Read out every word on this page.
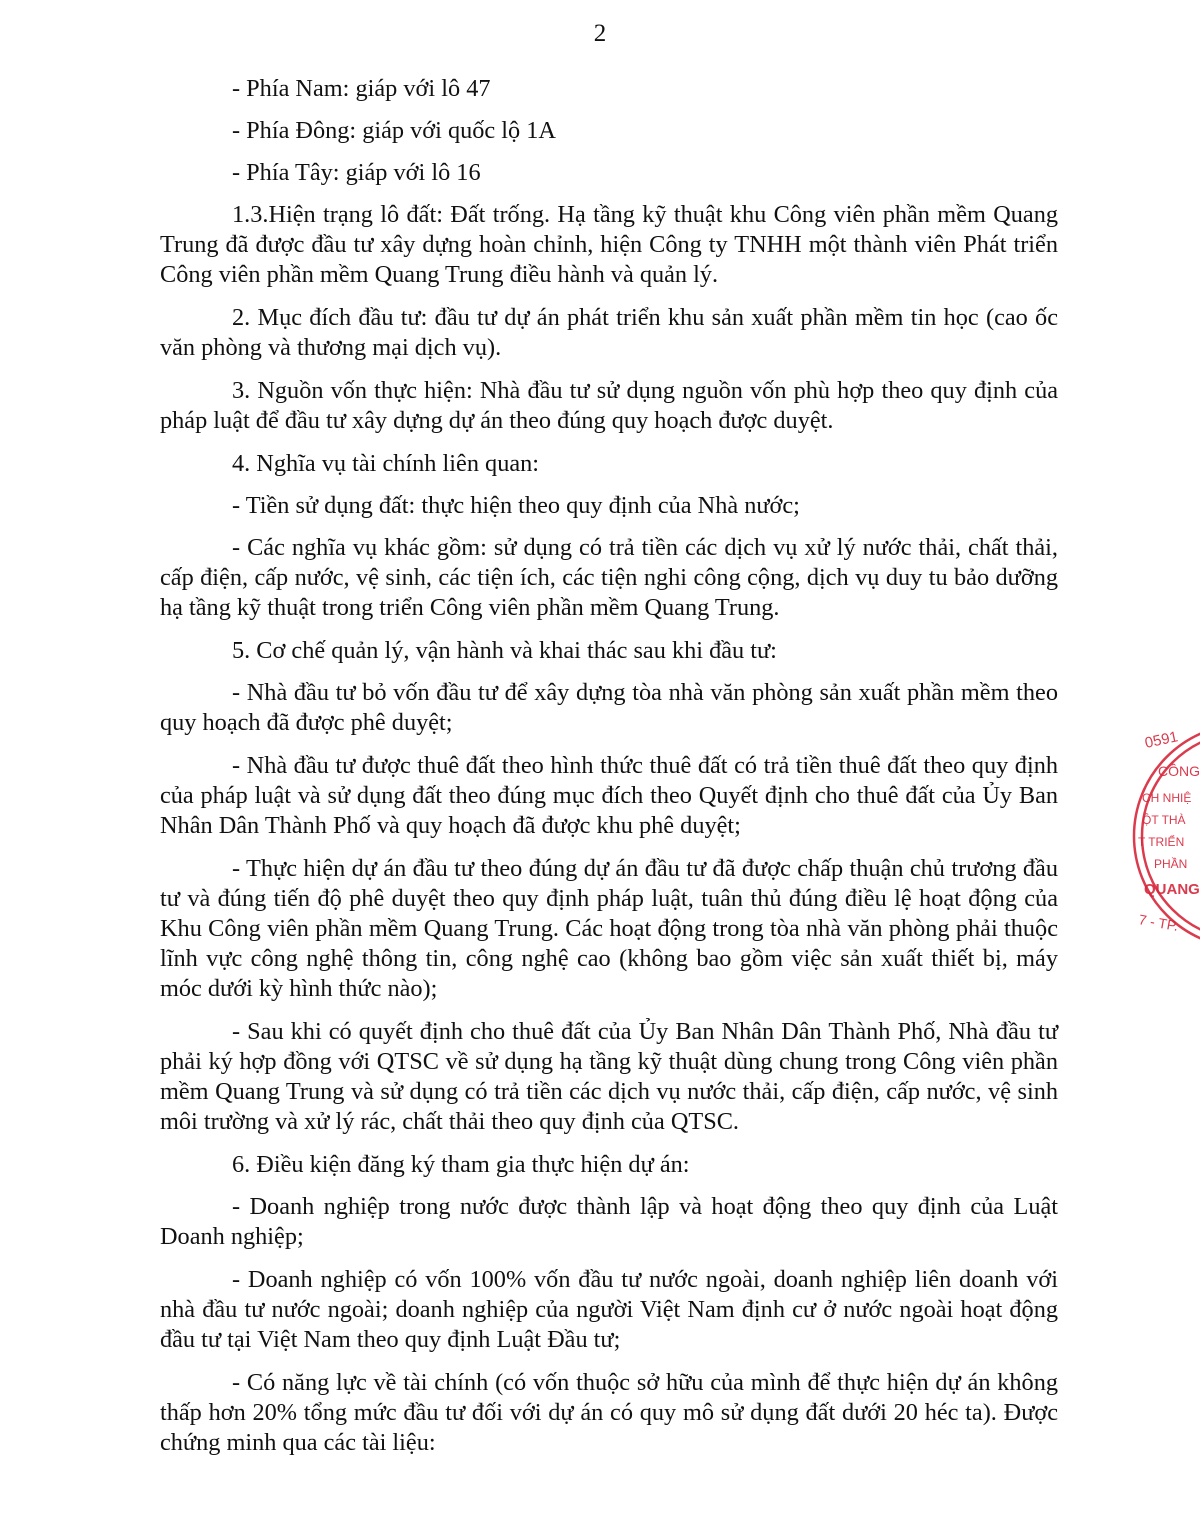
2

- Phía Nam: giáp với lô 47

- Phía Đông: giáp với quốc lộ 1A

- Phía Tây: giáp với lô 16

1.3.Hiện trạng lô đất: Đất trống. Hạ tầng kỹ thuật khu Công viên phần mềm Quang Trung đã được đầu tư xây dựng hoàn chỉnh, hiện Công ty TNHH một thành viên Phát triển Công viên phần mềm Quang Trung điều hành và quản lý.

2. Mục đích đầu tư: đầu tư dự án phát triển khu sản xuất phần mềm tin học (cao ốc văn phòng và thương mại dịch vụ).

3. Nguồn vốn thực hiện: Nhà đầu tư sử dụng nguồn vốn phù hợp theo quy định của pháp luật để đầu tư xây dựng dự án theo đúng quy hoạch được duyệt.

4. Nghĩa vụ tài chính liên quan:

- Tiền sử dụng đất: thực hiện theo quy định của Nhà nước;

- Các nghĩa vụ khác gồm: sử dụng có trả tiền các dịch vụ xử lý nước thải, chất thải, cấp điện, cấp nước, vệ sinh, các tiện ích, các tiện nghi công cộng, dịch vụ duy tu bảo dưỡng hạ tầng kỹ thuật trong triển Công viên phần mềm Quang Trung.

5. Cơ chế quản lý, vận hành và khai thác sau khi đầu tư:

- Nhà đầu tư bỏ vốn đầu tư để xây dựng tòa nhà văn phòng sản xuất phần mềm theo quy hoạch đã được phê duyệt;

- Nhà đầu tư được thuê đất theo hình thức thuê đất có trả tiền thuê đất theo quy định của pháp luật và sử dụng đất theo đúng mục đích theo Quyết định cho thuê đất của Ủy Ban Nhân Dân Thành Phố và quy hoạch đã được khu phê duyệt;

- Thực hiện dự án đầu tư theo đúng dự án đầu tư đã được chấp thuận chủ trương đầu tư và đúng tiến độ phê duyệt theo quy định pháp luật, tuân thủ đúng điều lệ hoạt động của Khu Công viên phần mềm Quang Trung. Các hoạt động trong tòa nhà văn phòng phải thuộc lĩnh vực công nghệ thông tin, công nghệ cao (không bao gồm việc sản xuất thiết bị, máy móc dưới kỳ hình thức nào);

- Sau khi có quyết định cho thuê đất của Ủy Ban Nhân Dân Thành Phố, Nhà đầu tư phải ký hợp đồng với QTSC về sử dụng hạ tầng kỹ thuật dùng chung trong Công viên phần mềm Quang Trung và sử dụng có trả tiền các dịch vụ nước thải, cấp điện, cấp nước, vệ sinh môi trường và xử lý rác, chất thải theo quy định của QTSC.

6. Điều kiện đăng ký tham gia thực hiện dự án:

- Doanh nghiệp trong nước được thành lập và hoạt động theo quy định của Luật Doanh nghiệp;

- Doanh nghiệp có vốn 100% vốn đầu tư nước ngoài, doanh nghiệp liên doanh với nhà đầu tư nước ngoài; doanh nghiệp của người Việt Nam định cư ở nước ngoài hoạt động đầu tư tại Việt Nam theo quy định Luật Đầu tư;

- Có năng lực về tài chính (có vốn thuộc sở hữu của mình để thực hiện dự án không thấp hơn 20% tổng mức đầu tư đối với dự án có quy mô sử dụng đất dưới 20 héc ta). Được chứng minh qua các tài liệu:

0591
CÔNG
CH NHIỆ
ỘT THÀ
T TRIỂN
PHẦN
QUANG
7 - TP.
